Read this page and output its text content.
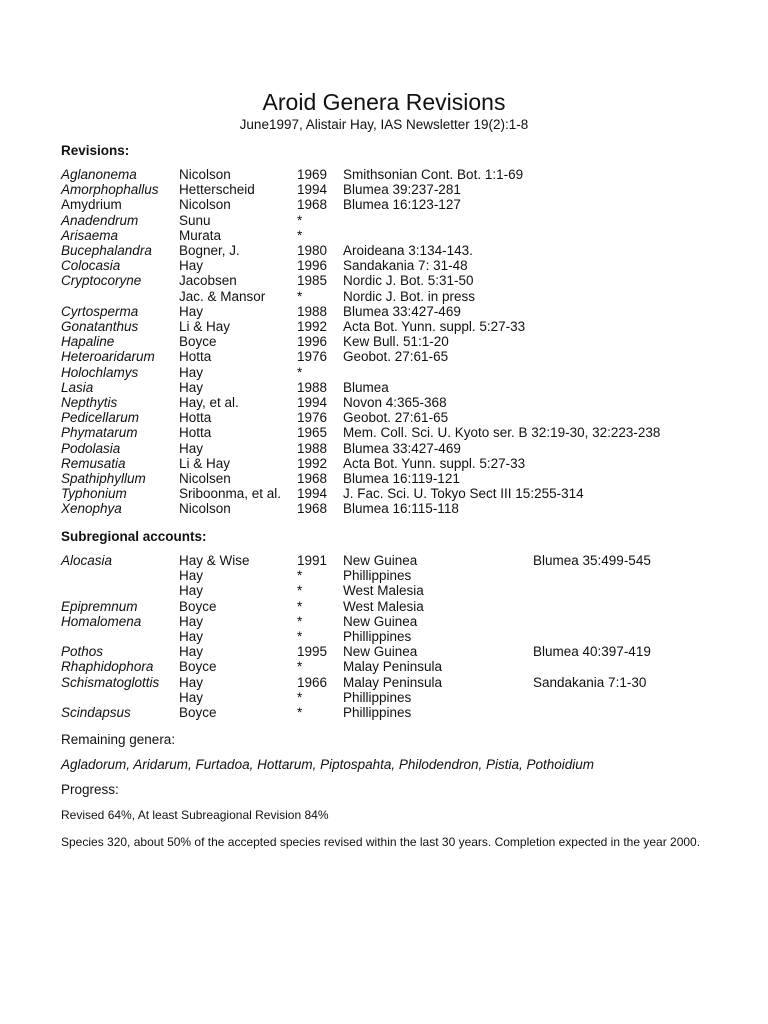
Aroid Genera Revisions
June1997, Alistair Hay, IAS Newsletter 19(2):1-8
Revisions:
Aglanonema	Nicolson	1969	Smithsonian Cont. Bot. 1:1-69
Amorphophallus	Hetterscheid	1994	Blumea 39:237-281
Amydrium	Nicolson	1968	Blumea 16:123-127
Anadendrum	Sunu	*	
Arisaema	Murata	*	
Bucephalandra	Bogner, J.	1980	Aroideana 3:134-143.
Colocasia	Hay	1996	Sandakania 7: 31-48
Cryptocoryne	Jacobsen	1985	Nordic J. Bot. 5:31-50
	Jac. & Mansor	*	Nordic J. Bot. in press
Cyrtosperma	Hay	1988	Blumea 33:427-469
Gonatanthus	Li & Hay	1992	Acta Bot. Yunn. suppl. 5:27-33
Hapaline	Boyce	1996	Kew Bull. 51:1-20
Heteroaridarum	Hotta	1976	Geobot. 27:61-65
Holochlamys	Hay	*	
Lasia	Hay	1988	Blumea
Nepthytis	Hay, et al.	1994	Novon 4:365-368
Pedicellarum	Hotta	1976	Geobot. 27:61-65
Phymatarum	Hotta	1965	Mem. Coll. Sci. U. Kyoto ser. B 32:19-30, 32:223-238
Podolasia	Hay	1988	Blumea 33:427-469
Remusatia	Li & Hay	1992	Acta Bot. Yunn. suppl. 5:27-33
Spathiphyllum	Nicolsen	1968	Blumea 16:119-121
Typhonium	Sriboonma, et al.	1994	J. Fac. Sci. U. Tokyo Sect III 15:255-314
Xenophya	Nicolson	1968	Blumea 16:115-118
Subregional accounts:
Alocasia	Hay & Wise	1991	New Guinea	Blumea 35:499-545
	Hay	*	Phillippines	
	Hay	*	West Malesia	
Epipremnum	Boyce	*	West Malesia	
Homalomena	Hay	*	New Guinea	
	Hay	*	Phillippines	
Pothos	Hay	1995	New Guinea	Blumea 40:397-419
Rhaphidophora	Boyce	*	Malay Peninsula	
Schismatoglottis	Hay	1966	Malay Peninsula	Sandakania 7:1-30
	Hay	*	Phillippines	
Scindapsus	Boyce	*	Phillippines	
Remaining genera:
Agladorum, Aridarum, Furtadoa, Hottarum, Piptospahta, Philodendron, Pistia, Pothoidium
Progress:
Revised 64%, At least Subreagional Revision 84%
Species 320, about 50% of the accepted species revised within the last 30 years. Completion expected in the year 2000.
